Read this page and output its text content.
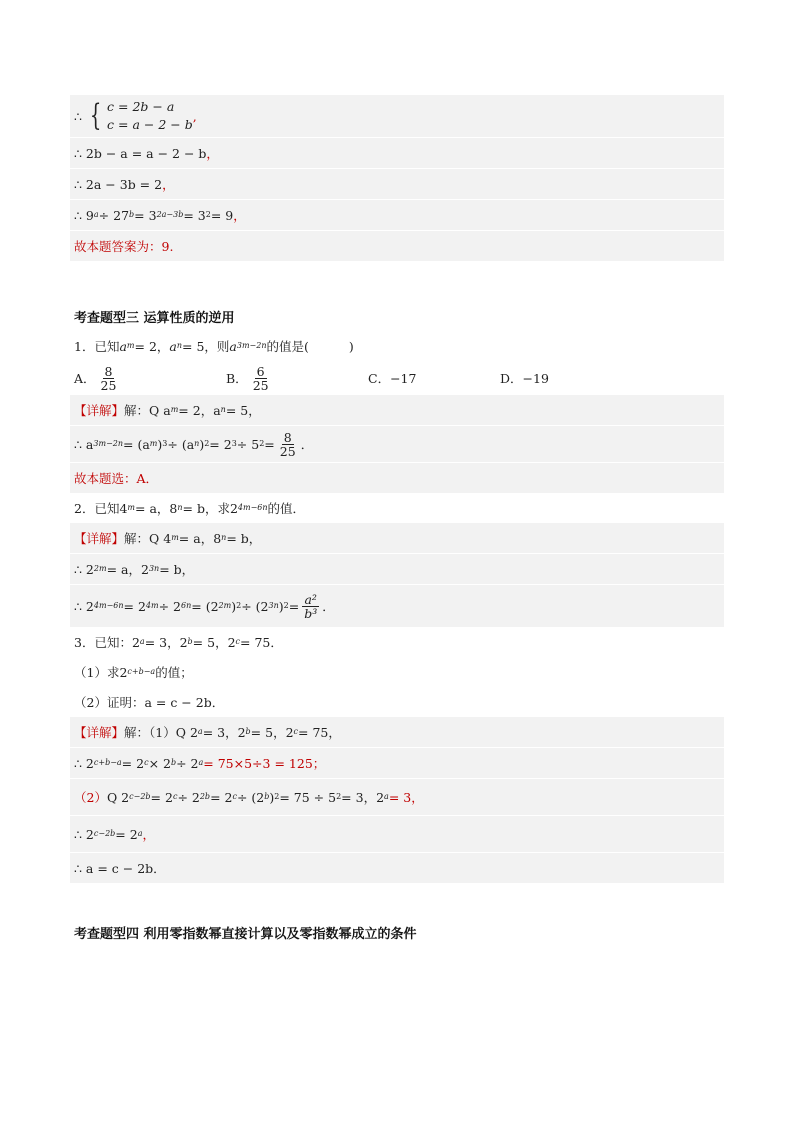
∴ { c = 2b − a
c = a − 2 − b
,
∴ 2b − a = a − 2 − b ，
∴ 2a − 3b = 2 ，
∴ 9 a ÷ 27 b = 3 2a−3b = 3 2 = 9 ，
故本题答案为：9.
考查题型三 运算性质的逆用
1．已知 a m = 2， a n = 5，则 a 3m−2n 的值是(	)
A． $\frac{8}{25}$	B． $\frac{6}{25}$	C． −17	D． −19
【详解】 解：Q a m = 2，a n = 5，
∴ a 3m−2n = (a m ) 3 ÷ (a n ) 2 = 2 3 ÷ 5 $2 = \frac{8}{25}$ ．
故本题选：A．
2．已知4 m = a，8 n = b，求2 4m−6n 的值．
【详解】 解：Q 4 m = a，8 n = b，
∴ 2 2m = a，2 3n = b，
∴ 2 4m−6n = 2 4m ÷ 2 6n = (2 2m ) 2 ÷ (2 3n ) $2 = \frac{\text{a²}}{\text{b³}}$ ．
3．已知：2 a = 3，2 b = 5，2 c = 75．
（1）求2 c+b−a 的值；
（2）证明：a = c − 2b．
【详解】 解：（1）Q 2 a = 3，2 b = 5，2 c = 75，
∴ 2 c+b−a = 2 c × 2 b ÷ 2 a = 75×5÷3 = 125；
（2） Q 2 c−2b = 2 c ÷ 2 2b = 2 c ÷ (2 b ) 2 = 75 ÷ 5 2 = 3，2 a = 3，
∴ 2 c−2b = 2 a ，
∴ a = c − 2b．
考查题型四 利用零指数幂直接计算以及零指数幂成立的条件
